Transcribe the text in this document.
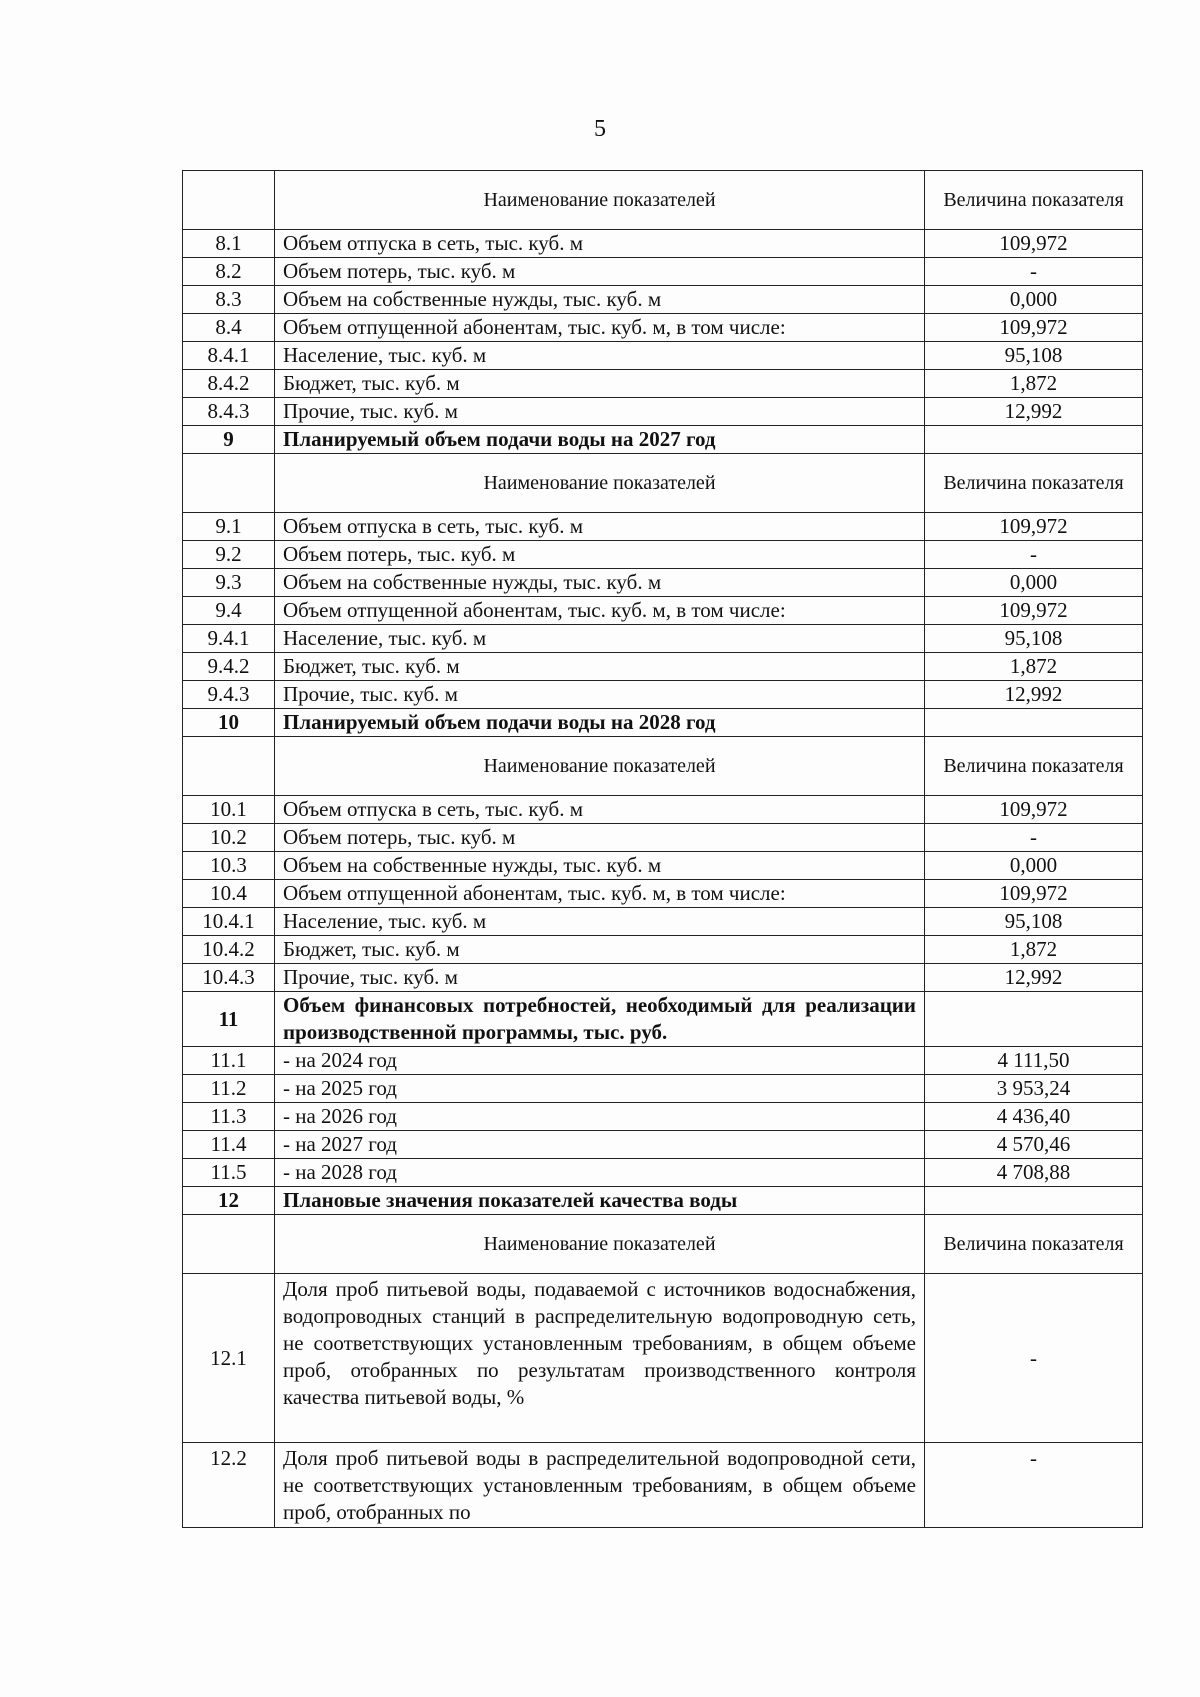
5
	Наименование показателей	Величина показателя
8.1	Объем отпуска в сеть, тыс. куб. м	109,972
8.2	Объем потерь, тыс. куб. м	-
8.3	Объем на собственные нужды, тыс. куб. м	0,000
8.4	Объем отпущенной абонентам, тыс. куб. м, в том числе:	109,972
8.4.1	Население, тыс. куб. м	95,108
8.4.2	Бюджет, тыс. куб. м	1,872
8.4.3	Прочие, тыс. куб. м	12,992
9	Планируемый объем подачи воды на 2027 год	
	Наименование показателей	Величина показателя
9.1	Объем отпуска в сеть, тыс. куб. м	109,972
9.2	Объем потерь, тыс. куб. м	-
9.3	Объем на собственные нужды, тыс. куб. м	0,000
9.4	Объем отпущенной абонентам, тыс. куб. м, в том числе:	109,972
9.4.1	Население, тыс. куб. м	95,108
9.4.2	Бюджет, тыс. куб. м	1,872
9.4.3	Прочие, тыс. куб. м	12,992
10	Планируемый объем подачи воды на 2028 год	
	Наименование показателей	Величина показателя
10.1	Объем отпуска в сеть, тыс. куб. м	109,972
10.2	Объем потерь, тыс. куб. м	-
10.3	Объем на собственные нужды, тыс. куб. м	0,000
10.4	Объем отпущенной абонентам, тыс. куб. м, в том числе:	109,972
10.4.1	Население, тыс. куб. м	95,108
10.4.2	Бюджет, тыс. куб. м	1,872
10.4.3	Прочие, тыс. куб. м	12,992
11	Объем финансовых потребностей, необходимый для реализации производственной программы, тыс. руб.	
11.1	- на 2024 год	4 111,50
11.2	- на 2025 год	3 953,24
11.3	- на 2026 год	4 436,40
11.4	- на 2027 год	4 570,46
11.5	- на 2028 год	4 708,88
12	Плановые значения показателей качества воды	
	Наименование показателей	Величина показателя
12.1	Доля проб питьевой воды, подаваемой с источников водоснабжения, водопроводных станций в распределительную водопроводную сеть, не соответствующих установленным требованиям, в общем объеме проб, отобранных по результатам производственного контроля качества питьевой воды, %	-
12.2	Доля проб питьевой воды в распределительной водопроводной сети, не соответствующих установленным требованиям, в общем объеме проб, отобранных по	-
